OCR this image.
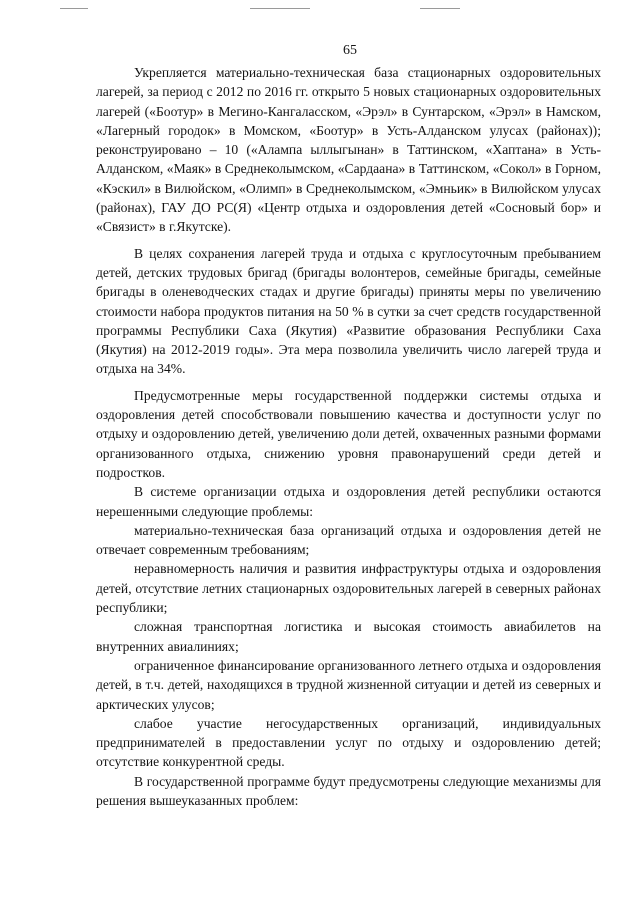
65

Укрепляется материально-техническая база стационарных оздоровительных лагерей, за период с 2012 по 2016 гг. открыто 5 новых стационарных оздоровительных лагерей («Боотур» в Мегино-Кангаласском, «Эрэл» в Сунтарском, «Эрэл» в Намском, «Лагерный городок» в Момском, «Боотур» в Усть-Алданском улусах (районах)); реконструировано – 10 («Алампа ыллыгынан» в Таттинском, «Хаптана» в Усть-Алданском, «Маяк» в Среднеколымском, «Сардаана» в Таттинском, «Сокол» в Горном, «Кэскил» в Вилюйском, «Олимп» в Среднеколымском, «Эмньик» в Вилюйском улусах (районах), ГАУ ДО РС(Я) «Центр отдыха и оздоровления детей «Сосновый бор» и «Связист» в г.Якутске).

В целях сохранения лагерей труда и отдыха с круглосуточным пребыванием детей, детских трудовых бригад (бригады волонтеров, семейные бригады, семейные бригады в оленеводческих стадах и другие бригады) приняты меры по увеличению стоимости набора продуктов питания на 50 % в сутки за счет средств государственной программы Республики Саха (Якутия) «Развитие образования Республики Саха (Якутия) на 2012-2019 годы». Эта мера позволила увеличить число лагерей труда и отдыха на 34%.

Предусмотренные меры государственной поддержки системы отдыха и оздоровления детей способствовали повышению качества и доступности услуг по отдыху и оздоровлению детей, увеличению доли детей, охваченных разными формами организованного отдыха, снижению уровня правонарушений среди детей и подростков.

В системе организации отдыха и оздоровления детей республики остаются нерешенными следующие проблемы:

материально-техническая база организаций отдыха и оздоровления детей не отвечает современным требованиям;

неравномерность наличия и развития инфраструктуры отдыха и оздоровления детей, отсутствие летних стационарных оздоровительных лагерей в северных районах республики;

сложная транспортная логистика и высокая стоимость авиабилетов на внутренних авиалиниях;

ограниченное финансирование организованного летнего отдыха и оздоровления детей, в т.ч. детей, находящихся в трудной жизненной ситуации и детей из северных и арктических улусов;

слабое участие негосударственных организаций, индивидуальных предпринимателей в предоставлении услуг по отдыху и оздоровлению детей; отсутствие конкурентной среды.

В государственной программе будут предусмотрены следующие механизмы для решения вышеуказанных проблем:
